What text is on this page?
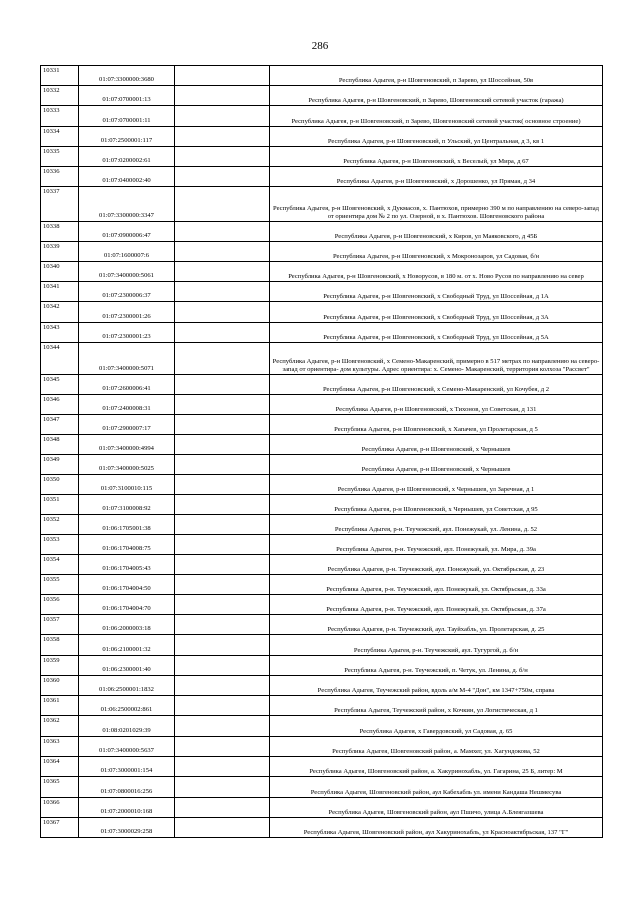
286
10331	01:07:3300000:3680		Республика Адыгея, р-н Шовгеновский, п Зарево, ул Шоссейная, 50в
10332	01:07:0700001:13		Республика Адыгея, р-н Шовгеновский, п Зарево, Шовгеновский сетевой участок (гаража)
10333	01:07:0700001:11		Республика Адыгея, р-н Шовгеновский, п Зарево, Шовгеновский сетевой участок( основное строение)
10334	01:07:2500001:117		Республика Адыгея, р-н Шовгеновский, п Ульский, ул Центральная, д 3, кв 1
10335	01:07:0200002:61		Республика Адыгея, р-н Шовгеновский, х Веселый, ул Мира, д 67
10336	01:07:0400002:40		Республика Адыгея, р-н Шовгеновский, х Дорошенко, ул Прямая, д 34
10337	01:07:3300000:3347		Республика Адыгея, р-н Шовгеновский, х Дукмасов, х. Пантюхов, примерно 390 м по направлению на северо-запад от ориентира дом № 2 по ул. Озерной, в х. Пантюхов. Шовгеновского района
10338	01:07:0900006:47		Республика Адыгея, р-н Шовгеновский, х Киров, ул Маяковского, д 45Б
10339	01:07:1600007:6		Республика Адыгея, р-н Шовгеновский, х Мокронозаров, ул Садовая, б/н
10340	01:07:3400000:5061		Республика Адыгея, р-н Шовгеновский, х Новорусов, в 180 м. от х. Ново Русов по направлению на север
10341	01:07:2300006:37		Республика Адыгея, р-н Шовгеновский, х Свободный Труд, ул Шоссейная, д 1А
10342	01:07:2300001:26		Республика Адыгея, р-н Шовгеновский, х Свободный Труд, ул Шоссейная, д 3А
10343	01:07:2300001:23		Республика Адыгея, р-н Шовгеновский, х Свободный Труд, ул Шоссейная, д 5А
10344	01:07:3400000:5071		Республика Адыгея, р-н Шовгеновский, х Семено-Макаренский, примерно в 517 метрах по направлению на северо-запад от ориентира- дом культуры. Адрес ориентира: х. Семено- Макаренский, территория колхоза "Рассвет"
10345	01:07:2600006:41		Республика Адыгея, р-н Шовгеновский, х Семено-Макаренский, ул Кочубея, д 2
10346	01:07:2400008:31		Республика Адыгея, р-н Шовгеновский, х Тихонов, ул Советская, д 131
10347	01:07:2900007:17		Республика Адыгея, р-н Шовгеновский, х Хапачев, ул Пролетарская, д 5
10348	01:07:3400000:4994		Республика Адыгея, р-н Шовгеновский, х Чернышев
10349	01:07:3400000:5025		Республика Адыгея, р-н Шовгеновский, х Чернышев
10350	01:07:3100010:115		Республика Адыгея, р-н Шовгеновский, х Чернышев, ул Заречная, д 1
10351	01:07:3100008:92		Республика Адыгея, р-н Шовгеновский, х Чернышев, ул Советская, д 95
10352	01:06:1705001:38		Республика Адыгея, р-н. Теучежский, аул. Понежукай, ул. Ленина, д. 52
10353	01:06:1704008:75		Республика Адыгея, р-н. Теучежский, аул. Понежукай, ул. Мира, д. 39а
10354	01:06:1704005:43		Республика Адыгея, р-н. Теучежский, аул. Понежукай, ул. Октябрьская, д. 23
10355	01:06:1704004:50		Республика Адыгея, р-н. Теучежский, аул. Понежукай, ул. Октябрьская, д. 33а
10356	01:06:1704004:70		Республика Адыгея, р-н. Теучежский, аул. Понежукай, ул. Октябрьская, д. 37а
10357	01:06:2000003:18		Республика Адыгея, р-н. Теучежский, аул. Тауйхабль, ул. Пролетарская, д. 25
10358	01:06:2100001:32		Республика Адыгея, р-н. Теучежский, аул. Тугургой, д. б/н
10359	01:06:2300001:40		Республика Адыгея, р-н. Теучежский, п. Четук, ул. Ленина, д. б/н
10360	01:06:2500001:1832		Республика Адыгея, Теучежский район, вдоль а/м М-4 "Дон", км 1347+750м, справа
10361	01:06:2500002:861		Республика Адыгея, Теучежский район, х Кочкин, ул Логистическая, д 1
10362	01:08:0201029:39		Республика Адыгея, х Гавердовский, ул Садовая, д. 65
10363	01:07:3400000:5637		Республика Адыгея, Шовгеновский район, а. Мамхег, ул. Хагундокова, 52
10364	01:07:3000001:154		Республика Адыгея, Шовгеновский район, а. Хакуринохабль, ул. Гагарина, 25 Б, литер: М
10365	01:07:0800016:256		Республика Адыгея, Шовгеновский район, аул Кабехабль ул. имени Кандаша Нешмесува
10366	01:07:2000010:168		Республика Адыгея, Шовгеновский район, аул Пшичо, улица А.Блеягазшева
10367	01:07:3000029:258		Республика Адыгея, Шовгеновский район, аул Хакуринохабль, ул Красноактябрьская, 137 "Г"
